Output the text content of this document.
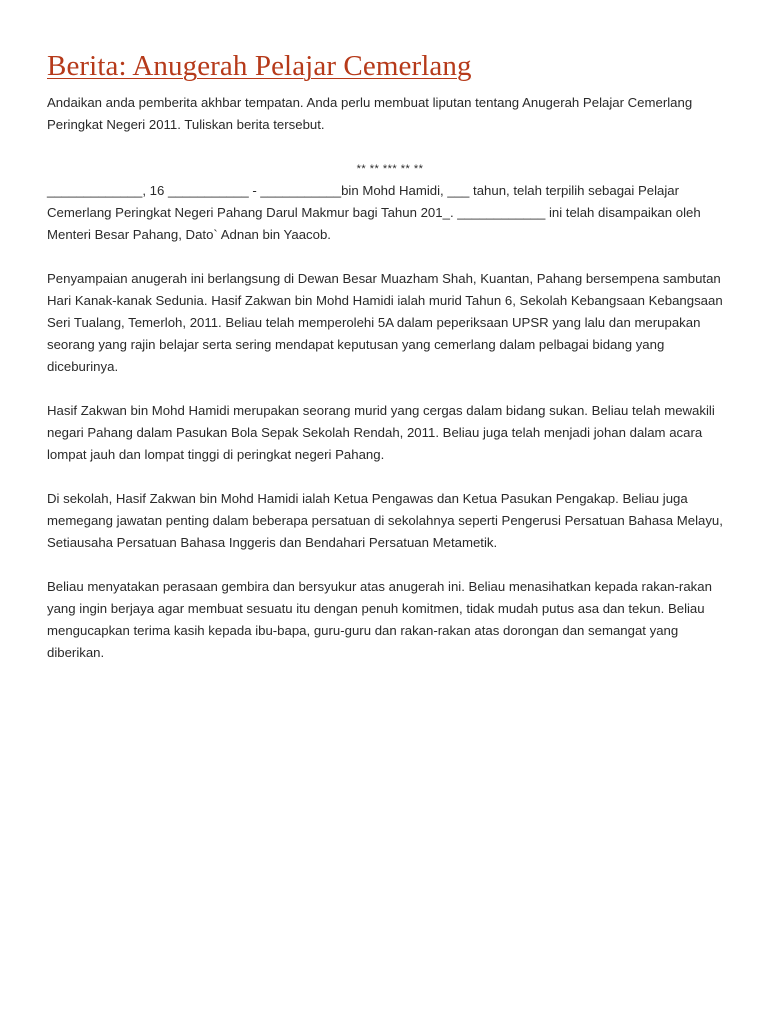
Berita: Anugerah Pelajar Cemerlang

Andaikan anda pemberita akhbar tempatan. Anda perlu membuat liputan tentang Anugerah Pelajar Cemerlang Peringkat Negeri 2011. Tuliskan berita tersebut.

** ** *** ** **

_____________, 16 ___________ - ___________bin Mohd Hamidi, ___ tahun, telah terpilih sebagai Pelajar Cemerlang Peringkat Negeri Pahang Darul Makmur bagi Tahun 201_. ____________ ini telah disampaikan oleh Menteri Besar Pahang, Dato` Adnan bin Yaacob.

Penyampaian anugerah ini berlangsung di Dewan Besar Muazham Shah, Kuantan, Pahang bersempena sambutan Hari Kanak-kanak Sedunia. Hasif Zakwan bin Mohd Hamidi ialah murid Tahun 6, Sekolah Kebangsaan Kebangsaan Seri Tualang, Temerloh, 2011. Beliau telah memperolehi 5A dalam peperiksaan UPSR yang lalu dan merupakan seorang yang rajin belajar serta sering mendapat keputusan yang cemerlang dalam pelbagai bidang yang diceburinya.

Hasif Zakwan bin Mohd Hamidi merupakan seorang murid yang cergas dalam bidang sukan. Beliau telah mewakili negari Pahang dalam Pasukan Bola Sepak Sekolah Rendah, 2011. Beliau juga telah menjadi johan dalam acara lompat jauh dan lompat tinggi di peringkat negeri Pahang.

Di sekolah, Hasif Zakwan bin Mohd Hamidi ialah Ketua Pengawas dan Ketua Pasukan Pengakap. Beliau juga memegang jawatan penting dalam beberapa persatuan di sekolahnya seperti Pengerusi Persatuan Bahasa Melayu, Setiausaha Persatuan Bahasa Inggeris dan Bendahari Persatuan Metametik.

Beliau menyatakan perasaan gembira dan bersyukur atas anugerah ini. Beliau menasihatkan kepada rakan-rakan yang ingin berjaya agar membuat sesuatu itu dengan penuh komitmen, tidak mudah putus asa dan tekun. Beliau mengucapkan terima kasih kepada ibu-bapa, guru-guru dan rakan-rakan atas dorongan dan semangat yang diberikan.
